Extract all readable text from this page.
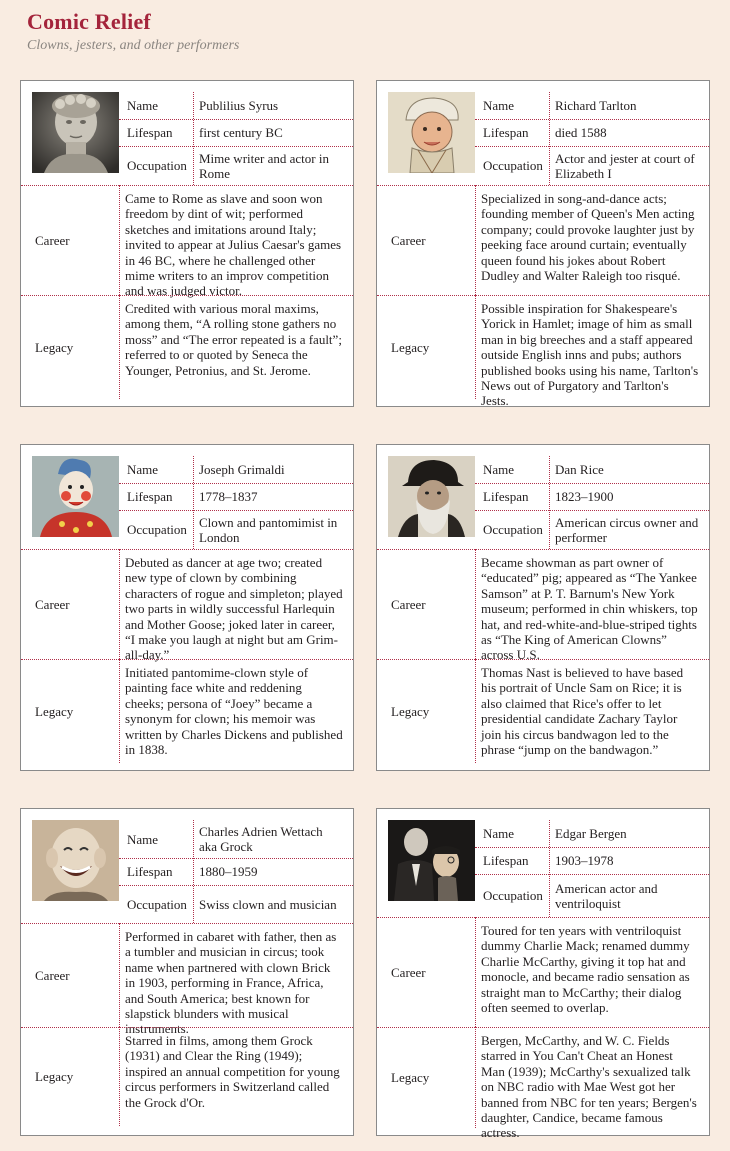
Comic Relief
Clowns, jesters, and other performers
Name	Publilius Syrus
Lifespan first century BC
Occupation Mime writer and actor in Rome
Career
Came to Rome as slave and soon won freedom by dint of wit; performed sketches and imitations around Italy; invited to appear at Julius Caesar's games in 46 BC, where he challenged other mime writers to an improv competition and was judged victor.
Legacy
Credited with various moral maxims, among them, “A rolling stone gathers no moss” and “The error repeated is a fault”; referred to or quoted by Seneca the Younger, Petronius, and St. Jerome.
Name	Richard Tarlton
Lifespan died 1588
Occupation Actor and jester at court of Elizabeth I
Career
Specialized in song-and-dance acts; founding member of Queen's Men acting company; could provoke laughter just by peeking face around curtain; eventually queen found his jokes about Robert Dudley and Walter Raleigh too risqué.
Legacy
Possible inspiration for Shakespeare's Yorick in Hamlet; image of him as small man in big breeches and a staff appeared outside English inns and pubs; authors published books using his name, Tarlton's News out of Purgatory and Tarlton's Jests.
Name	Joseph Grimaldi
Lifespan 1778–1837
Occupation Clown and pantomimist in London
Career
Debuted as dancer at age two; created new type of clown by combining characters of rogue and simpleton; played two parts in wildly successful Harlequin and Mother Goose; joked later in career, “I make you laugh at night but am Grim-all-day.”
Legacy
Initiated pantomime-clown style of painting face white and reddening cheeks; persona of “Joey” became a synonym for clown; his memoir was written by Charles Dickens and published in 1838.
Name	Dan Rice
Lifespan 1823–1900
Occupation American circus owner and performer
Career
Became showman as part owner of “educated” pig; appeared as “The Yankee Samson” at P. T. Barnum's New York museum; performed in chin whiskers, top hat, and red-white-and-blue-striped tights as “The King of American Clowns” across U.S.
Legacy
Thomas Nast is believed to have based his portrait of Uncle Sam on Rice; it is also claimed that Rice's offer to let presidential candidate Zachary Taylor join his circus bandwagon led to the phrase “jump on the bandwagon.”
Name	Charles Adrien Wettach aka Grock
Lifespan 1880–1959
Occupation Swiss clown and musician
Career
Performed in cabaret with father, then as a tumbler and musician in circus; took name when partnered with clown Brick in 1903, performing in France, Africa, and South America; best known for slapstick blunders with musical instruments.
Legacy
Starred in films, among them Grock (1931) and Clear the Ring (1949); inspired an annual competition for young circus performers in Switzerland called the Grock d'Or.
Name	Edgar Bergen
Lifespan 1903–1978
Occupation American actor and ventriloquist
Career
Toured for ten years with ventriloquist dummy Charlie Mack; renamed dummy Charlie McCarthy, giving it top hat and monocle, and became radio sensation as straight man to McCarthy; their dialog often seemed to overlap.
Legacy
Bergen, McCarthy, and W. C. Fields starred in You Can't Cheat an Honest Man (1939); McCarthy's sexualized talk on NBC radio with Mae West got her banned from NBC for ten years; Bergen's daughter, Candice, became famous actress.
